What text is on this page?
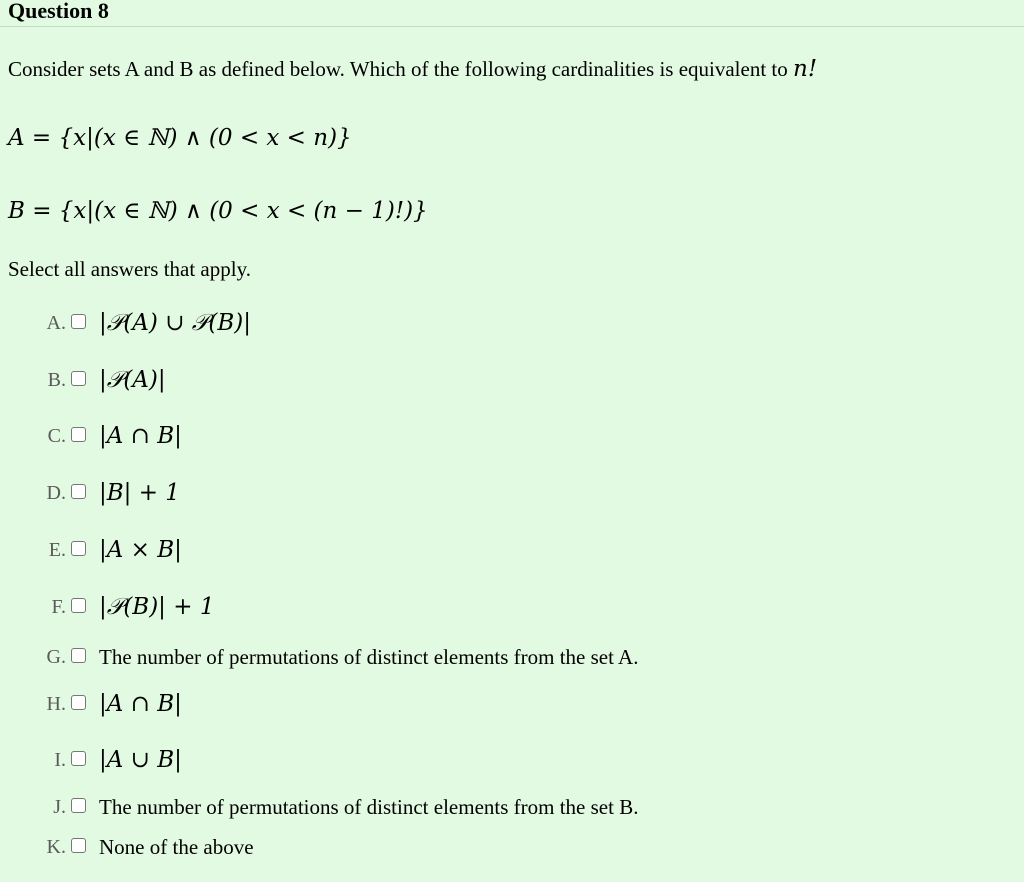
Question 8
Consider sets A and B as defined below. Which of the following cardinalities is equivalent to n!
A = {x|(x ∈ ℕ) ∧ (0 < x < n)}
B = {x|(x ∈ ℕ) ∧ (0 < x < (n − 1)!)}
Select all answers that apply.
A. |𝒫(A) ∪ 𝒫(B)|
B. |𝒫(A)|
C. |A ∩ B|
D. |B| + 1
E. |A × B|
F. |𝒫(B)| + 1
G. The number of permutations of distinct elements from the set A.
H. |A ∩ B|
I. |A ∪ B|
J. The number of permutations of distinct elements from the set B.
K. None of the above
